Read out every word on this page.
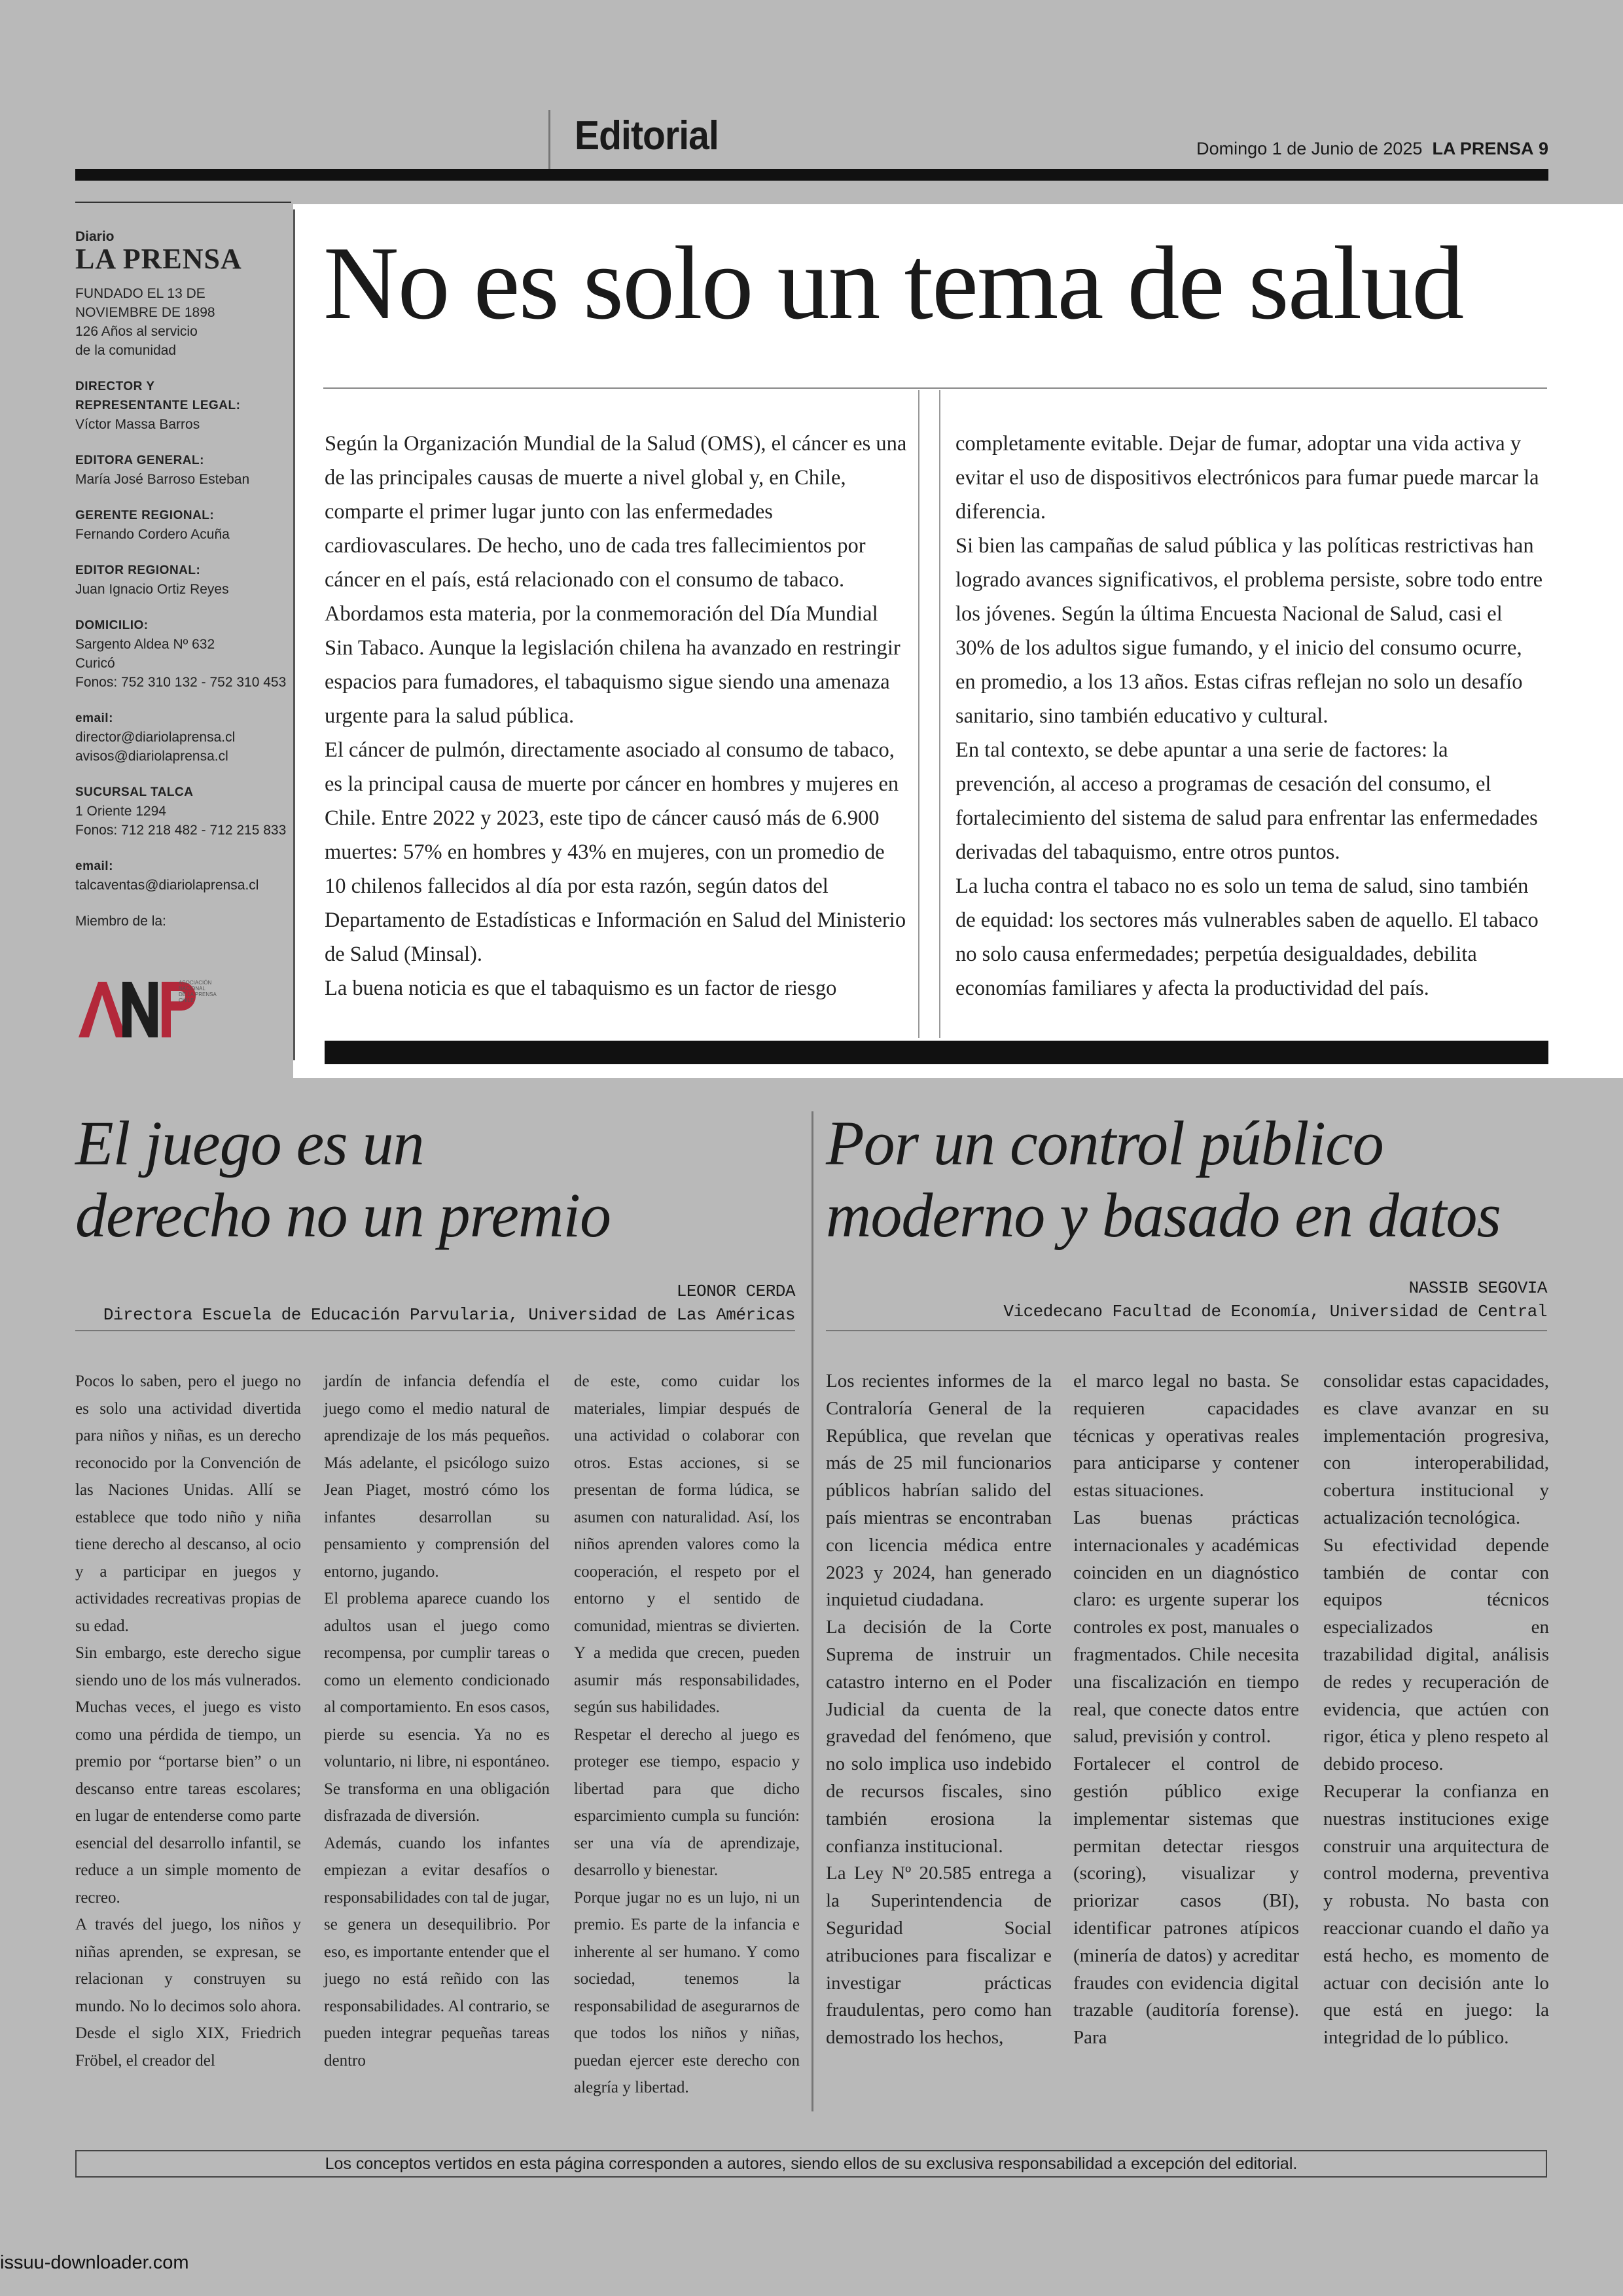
Editorial	Domingo 1 de Junio de 2025 LA PRENSA 9
No es solo un tema de salud

Según la Organización Mundial de la Salud (OMS), el cáncer es una de las principales causas de muerte a nivel global y, en Chile, comparte el primer lugar junto con las enfermedades cardiovasculares. De hecho, uno de cada tres fallecimientos por cáncer en el país, está relacionado con el consumo de tabaco. Abordamos esta materia, por la conmemoración del Día Mundial Sin Tabaco. Aunque la legislación chilena ha avanzado en restringir espacios para fumadores, el tabaquismo sigue siendo una amenaza urgente para la salud pública.

El cáncer de pulmón, directamente asociado al consumo de tabaco, es la principal causa de muerte por cáncer en hombres y mujeres en Chile. Entre 2022 y 2023, este tipo de cáncer causó más de 6.900 muertes: 57% en hombres y 43% en mujeres, con un promedio de 10 chilenos fallecidos al día por esta razón, según datos del Departamento de Estadísticas e Información en Salud del Ministerio de Salud (Minsal).

La buena noticia es que el tabaquismo es un factor de riesgo

completamente evitable. Dejar de fumar, adoptar una vida activa y evitar el uso de dispositivos electrónicos para fumar puede marcar la diferencia.

Si bien las campañas de salud pública y las políticas restrictivas han logrado avances significativos, el problema persiste, sobre todo entre los jóvenes. Según la última Encuesta Nacional de Salud, casi el 30% de los adultos sigue fumando, y el inicio del consumo ocurre, en promedio, a los 13 años. Estas cifras reflejan no solo un desafío sanitario, sino también educativo y cultural.

En tal contexto, se debe apuntar a una serie de factores: la prevención, al acceso a programas de cesación del consumo, el fortalecimiento del sistema de salud para enfrentar las enfermedades derivadas del tabaquismo, entre otros puntos.

La lucha contra el tabaco no es solo un tema de salud, sino también de equidad: los sectores más vulnerables saben de aquello. El tabaco no solo causa enfermedades; perpetúa desigualdades, debilita economías familiares y afecta la productividad del país.

Diario
LA PRENSA
FUNDADO EL 13 DE
NOVIEMBRE DE 1898
126 Años al servicio
de la comunidad
DIRECTOR Y
REPRESENTANTE LEGAL:
Víctor Massa Barros
EDITORA GENERAL:
María José Barroso Esteban
GERENTE REGIONAL:
Fernando Cordero Acuña
EDITOR REGIONAL:
Juan Ignacio Ortiz Reyes
DOMICILIO:
Sargento Aldea Nº 632
Curicó
Fonos: 752 310 132 - 752 310 453
email:
director@diariolaprensa.cl
avisos@diariolaprensa.cl
SUCURSAL TALCA
1 Oriente 1294
Fonos: 712 218 482 - 712 215 833
email:
talcaventas@diariolaprensa.cl
Miembro de la:
ASOCIACIÓN NACIONAL DE LA PRENSA CHILE
El juego es un
derecho no un premio
LEONOR CERDA
Directora Escuela de Educación Parvularia, Universidad de Las Américas

Pocos lo saben, pero el juego no es solo una actividad divertida para niños y niñas, es un derecho reconocido por la Convención de las Naciones Unidas. Allí se establece que todo niño y niña tiene derecho al descanso, al ocio y a participar en juegos y actividades recreativas propias de su edad.

Sin embargo, este derecho sigue siendo uno de los más vulnerados. Muchas veces, el juego es visto como una pérdida de tiempo, un premio por “portarse bien” o un descanso entre tareas escolares; en lugar de entenderse como parte esencial del desarrollo infantil, se reduce a un simple momento de recreo.

A través del juego, los niños y niñas aprenden, se expresan, se relacionan y construyen su mundo. No lo decimos solo ahora. Desde el siglo XIX, Friedrich Fröbel, el creador del

jardín de infancia defendía el juego como el medio natural de aprendizaje de los más pequeños. Más adelante, el psicólogo suizo Jean Piaget, mostró cómo los infantes desarrollan su pensamiento y comprensión del entorno, jugando.

El problema aparece cuando los adultos usan el juego como recompensa, por cumplir tareas o como un elemento condicionado al comportamiento. En esos casos, pierde su esencia. Ya no es voluntario, ni libre, ni espontáneo. Se transforma en una obligación disfrazada de diversión.

Además, cuando los infantes empiezan a evitar desafíos o responsabilidades con tal de jugar, se genera un desequilibrio. Por eso, es importante entender que el juego no está reñido con las responsabilidades. Al contrario, se pueden integrar pequeñas tareas dentro

de este, como cuidar los materiales, limpiar después de una actividad o colaborar con otros. Estas acciones, si se presentan de forma lúdica, se asumen con naturalidad. Así, los niños aprenden valores como la cooperación, el respeto por el entorno y el sentido de comunidad, mientras se divierten. Y a medida que crecen, pueden asumir más responsabilidades, según sus habilidades.

Respetar el derecho al juego es proteger ese tiempo, espacio y libertad para que dicho esparcimiento cumpla su función: ser una vía de aprendizaje, desarrollo y bienestar.

Porque jugar no es un lujo, ni un premio. Es parte de la infancia e inherente al ser humano. Y como sociedad, tenemos la responsabilidad de asegurarnos de que todos los niños y niñas, puedan ejercer este derecho con alegría y libertad.

Por un control público
moderno y basado en datos
NASSIB SEGOVIA
Vicedecano Facultad de Economía, Universidad de Central

Los recientes informes de la Contraloría General de la República, que revelan que más de 25 mil funcionarios públicos habrían salido del país mientras se encontraban con licencia médica entre 2023 y 2024, han generado inquietud ciudadana.

La decisión de la Corte Suprema de instruir un catastro interno en el Poder Judicial da cuenta de la gravedad del fenómeno, que no solo implica uso indebido de recursos fiscales, sino también erosiona la confianza institucional.

La Ley Nº 20.585 entrega a la Superintendencia de Seguridad Social atribuciones para fiscalizar e investigar prácticas fraudulentas, pero como han demostrado los hechos,

el marco legal no basta. Se requieren capacidades técnicas y operativas reales para anticiparse y contener estas situaciones.

Las buenas prácticas internacionales y académicas coinciden en un diagnóstico claro: es urgente superar los controles ex post, manuales o fragmentados. Chile necesita una fiscalización en tiempo real, que conecte datos entre salud, previsión y control.

Fortalecer el control de gestión público exige implementar sistemas que permitan detectar riesgos (scoring), visualizar y priorizar casos (BI), identificar patrones atípicos (minería de datos) y acreditar fraudes con evidencia digital trazable (auditoría forense). Para

consolidar estas capacidades, es clave avanzar en su implementación progresiva, con interoperabilidad, cobertura institucional y actualización tecnológica.

Su efectividad depende también de contar con equipos técnicos especializados en trazabilidad digital, análisis de redes y recuperación de evidencia, que actúen con rigor, ética y pleno respeto al debido proceso.

Recuperar la confianza en nuestras instituciones exige construir una arquitectura de control moderna, preventiva y robusta. No basta con reaccionar cuando el daño ya está hecho, es momento de actuar con decisión ante lo que está en juego: la integridad de lo público.

Los conceptos vertidos en esta página corresponden a autores, siendo ellos de su exclusiva responsabilidad a excepción del editorial.
issuu-downloader.com
